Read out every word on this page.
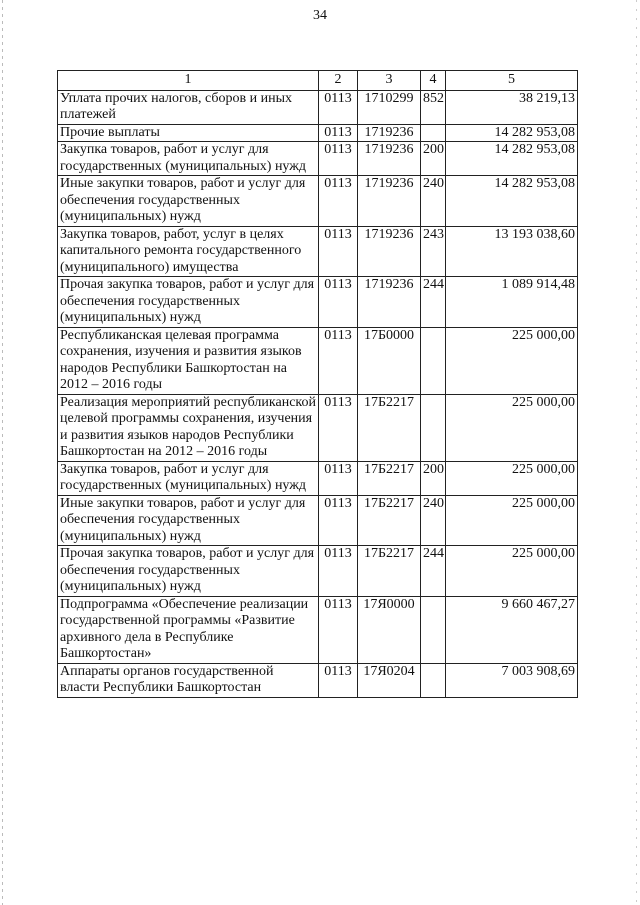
34
1	2	3	4	5
Уплата прочих налогов, сборов и иных платежей	0113	1710299	852	38 219,13
Прочие выплаты	0113	1719236		14 282 953,08
Закупка товаров, работ и услуг для государственных (муниципальных) нужд	0113	1719236	200	14 282 953,08
Иные закупки товаров, работ и услуг для обеспечения государственных (муниципальных) нужд	0113	1719236	240	14 282 953,08
Закупка товаров, работ, услуг в целях капитального ремонта государственного (муниципального) имущества	0113	1719236	243	13 193 038,60
Прочая закупка товаров, работ и услуг для обеспечения государственных (муниципальных) нужд	0113	1719236	244	1 089 914,48
Республиканская целевая программа сохранения, изучения и развития языков народов Республики Башкортостан на 2012 – 2016 годы	0113	17Б0000		225 000,00
Реализация мероприятий республиканской целевой программы сохранения, изучения и развития языков народов Республики Башкортостан на 2012 – 2016 годы	0113	17Б2217		225 000,00
Закупка товаров, работ и услуг для государственных (муниципальных) нужд	0113	17Б2217	200	225 000,00
Иные закупки товаров, работ и услуг для обеспечения государственных (муниципальных) нужд	0113	17Б2217	240	225 000,00
Прочая закупка товаров, работ и услуг для обеспечения государственных (муниципальных) нужд	0113	17Б2217	244	225 000,00
Подпрограмма «Обеспечение реализации государственной программы «Развитие архивного дела в Республике Башкортостан»	0113	17Я0000		9 660 467,27
Аппараты органов государственной власти Республики Башкортостан	0113	17Я0204		7 003 908,69
